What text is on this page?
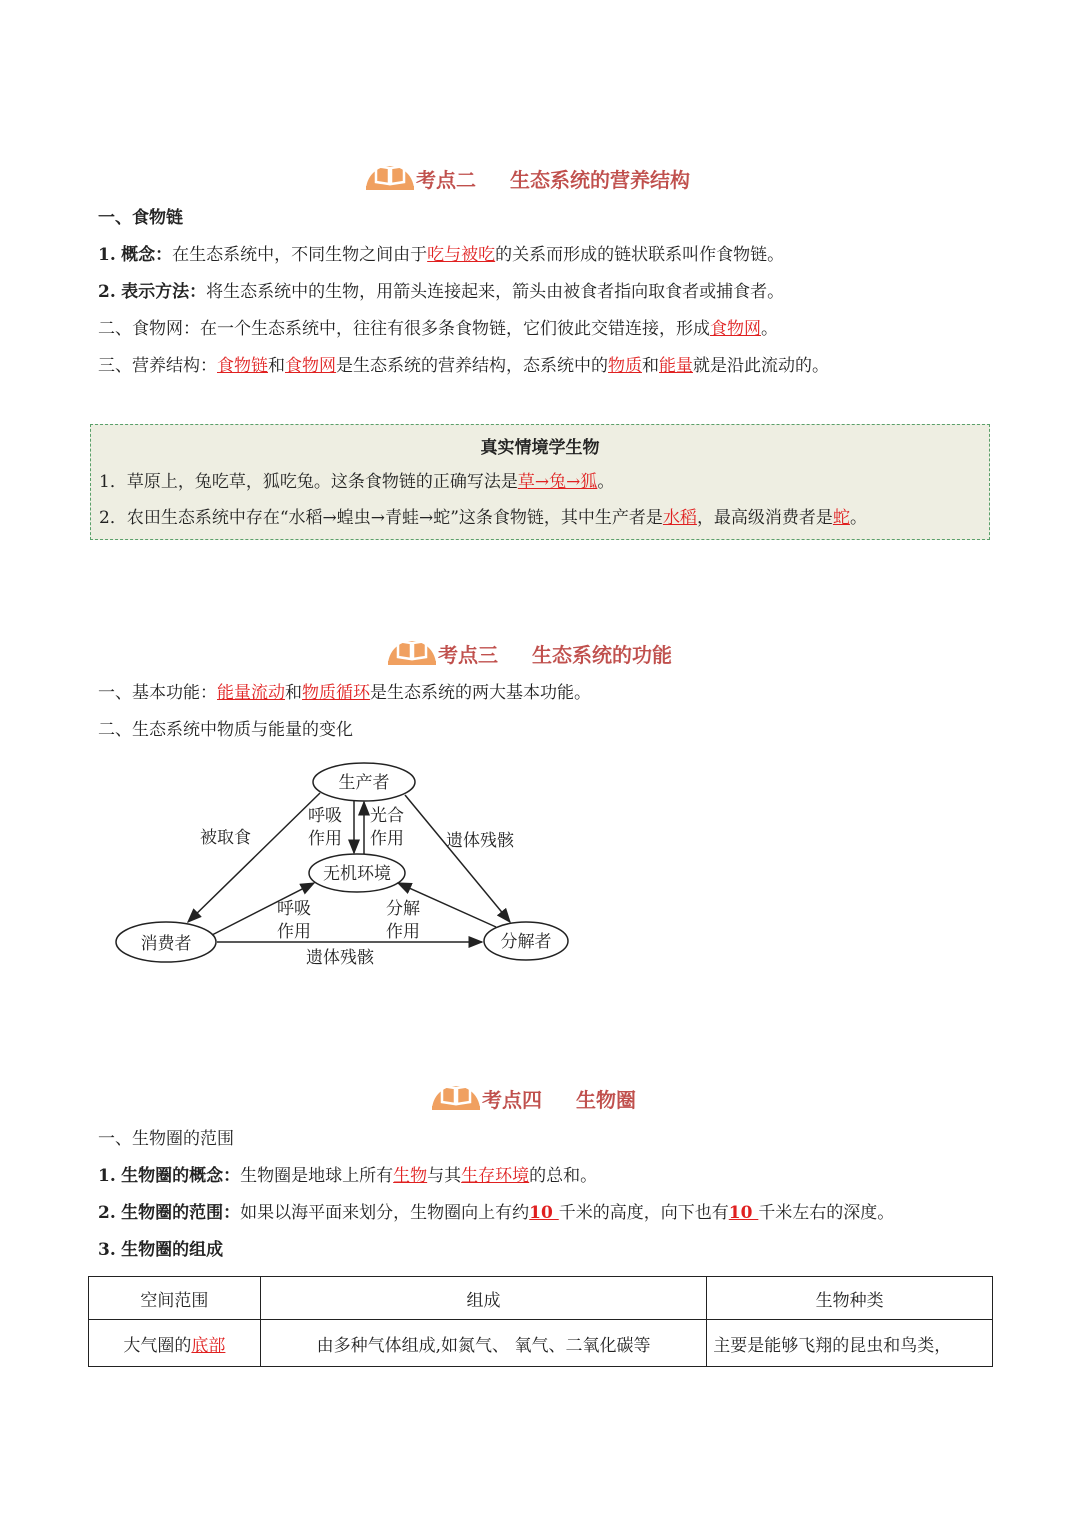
考点二 生态系统的营养结构
一、食物链
1. 概念：在生态系统中，不同生物之间由于吃与被吃的关系而形成的链状联系叫作食物链。
2. 表示方法：将生态系统中的生物，用箭头连接起来，箭头由被食者指向取食者或捕食者。
二、食物网：在一个生态系统中，往往有很多条食物链，它们彼此交错连接，形成食物网。
三、营养结构：食物链和食物网是生态系统的营养结构，态系统中的物质和能量就是沿此流动的。
真实情境学生物
1．草原上，兔吃草，狐吃兔。这条食物链的正确写法是草→兔→狐。
2．农田生态系统中存在“水稻→蝗虫→青蛙→蛇”这条食物链，其中生产者是水稻，最高级消费者是蛇。
考点三 生态系统的功能
一、基本功能：能量流动和物质循环是生态系统的两大基本功能。
二、生态系统中物质与能量的变化
生产者
无机环境
消费者	分解者
被取食
呼吸
作用
光合
作用 遗体残骸
呼吸
作用
分解
作用
遗体残骸
考点四 生物圈
一、生物圈的范围
1. 生物圈的概念：生物圈是地球上所有生物与其生存环境的总和。
2. 生物圈的范围：如果以海平面来划分，生物圈向上有约10 千米的高度，向下也有10 千米左右的深度。
3. 生物圈的组成
空间范围	组成	生物种类
大气圈的底部	由多种气体组成,如氮气、 氧气、二氧化碳等	主要是能够飞翔的昆虫和鸟类，
